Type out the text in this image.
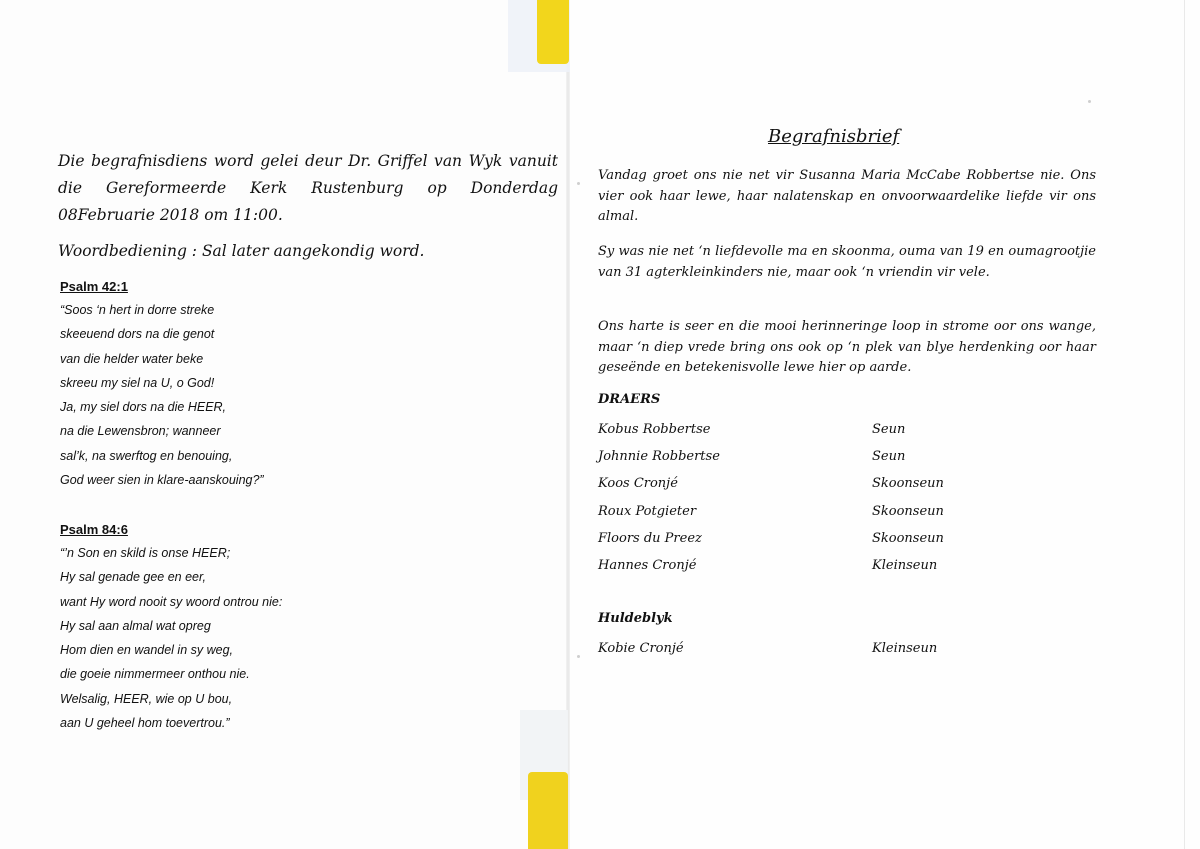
Die begrafnisdiens word gelei deur Dr. Griffel van Wyk vanuit die Gereformeerde Kerk Rustenburg op Donderdag 08Februarie 2018 om 11:00.

Woordbediening : Sal later aangekondig word.

Psalm 42:1

“Soos ‘n hert in dorre streke
skeeuend dors na die genot
van die helder water beke
skreeu my siel na U, o God!
Ja, my siel dors na die HEER,
na die Lewensbron; wanneer
sal’k, na swerftog en benouing,
God weer sien in klare-aanskouing?”

Psalm 84:6

“’n Son en skild is onse HEER;
Hy sal genade gee en eer,
want Hy word nooit sy woord ontrou nie:
Hy sal aan almal wat opreg
Hom dien en wandel in sy weg,
die goeie nimmermeer onthou nie.
Welsalig, HEER, wie op U bou,
aan U geheel hom toevertrou.”
Begrafnisbrief

Vandag groet ons nie net vir Susanna Maria McCabe Robbertse nie. Ons vier ook haar lewe, haar nalatenskap en onvoorwaardelike liefde vir ons almal.

Sy was nie net ‘n liefdevolle ma en skoonma, ouma van 19 en oumagrootjie van 31 agterkleinkinders nie, maar ook ‘n vriendin vir vele.

Ons harte is seer en die mooi herinneringe loop in strome oor ons wange, maar ‘n diep vrede bring ons ook op ‘n plek van blye herdenking oor haar geseënde en betekenisvolle lewe hier op aarde.

DRAERS

Kobus Robbertse	Seun
Johnnie Robbertse	Seun
Koos Cronjé	Skoonseun
Roux Potgieter	Skoonseun
Floors du Preez	Skoonseun
Hannes Cronjé	Kleinseun

Huldeblyk

Kobie Cronjé	Kleinseun
